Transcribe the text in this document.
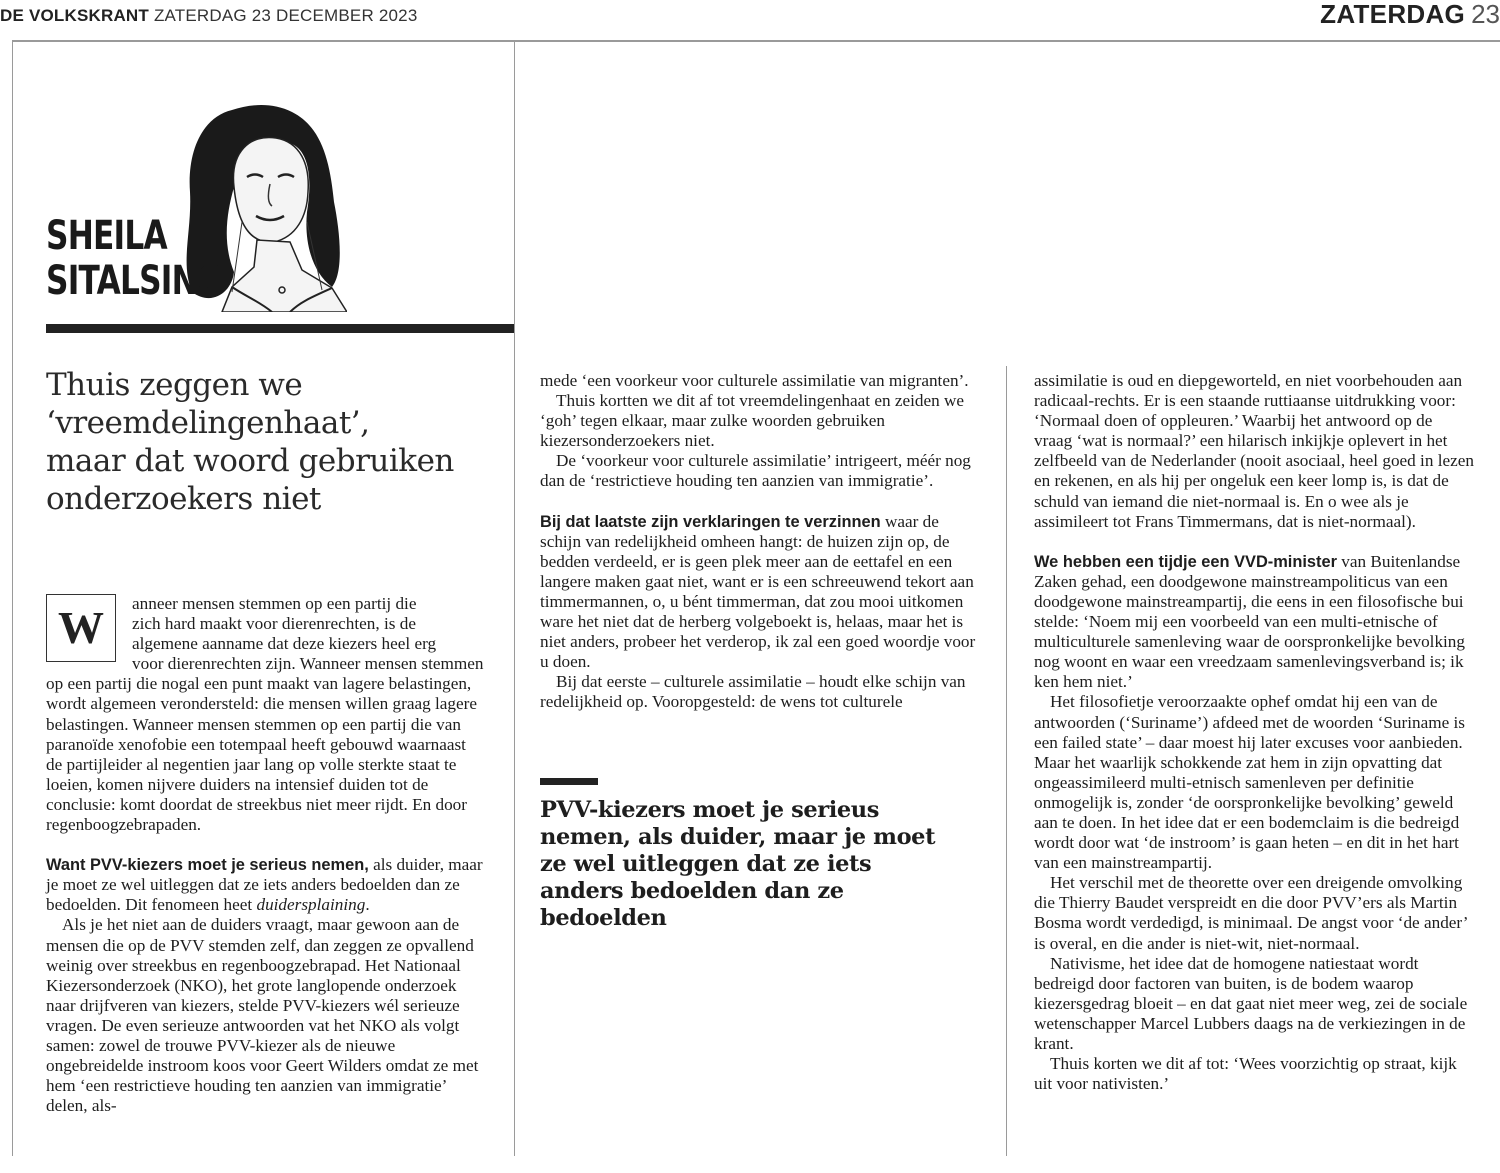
DE VOLKSKRANT ZATERDAG 23 DECEMBER 2023	ZATERDAG 23
SHEILA
SITALSING
Thuis zeggen we
‘vreemdelingenhaat’,
maar dat woord gebruiken
onderzoekers niet
W	anneer mensen stemmen op een partij die
zich hard maakt voor dierenrechten, is de
algemene aanname dat deze kiezers heel erg

voor dierenrechten zijn. Wanneer mensen stemmen op een partij die nogal een punt maakt van lagere belastingen, wordt algemeen verondersteld: die mensen willen graag lagere belastingen. Wanneer mensen stemmen op een partij die van paranoïde xenofobie een totempaal heeft gebouwd waarnaast de partijleider al negentien jaar lang op volle sterkte staat te loeien, komen nijvere duiders na intensief duiden tot de conclusie: komt doordat de streekbus niet meer rijdt. En door regenboogzebrapaden.

Want PVV-kiezers moet je serieus nemen, als duider, maar je moet ze wel uitleggen dat ze iets anders bedoelden dan ze bedoelden. Dit fenomeen heet duidersplaining.

Als je het niet aan de duiders vraagt, maar gewoon aan de mensen die op de PVV stemden zelf, dan zeggen ze opvallend weinig over streekbus en regenboogzebrapad. Het Nationaal Kiezersonderzoek (NKO), het grote langlopende onderzoek naar drijfveren van kiezers, stelde PVV-kiezers wél serieuze vragen. De even serieuze antwoorden vat het NKO als volgt samen: zowel de trouwe PVV-kiezer als de nieuwe ongebreidelde instroom koos voor Geert Wilders omdat ze met hem ‘een restrictieve houding ten aanzien van immigratie’ delen, als-

mede ‘een voorkeur voor culturele assimilatie van migranten’.

Thuis kortten we dit af tot vreemdelingenhaat en zeiden we ‘goh’ tegen elkaar, maar zulke woorden gebruiken kiezersonderzoekers niet.

De ‘voorkeur voor culturele assimilatie’ intrigeert, méér nog dan de ‘restrictieve houding ten aanzien van immigratie’.

Bij dat laatste zijn verklaringen te verzinnen waar de schijn van redelijkheid omheen hangt: de huizen zijn op, de bedden verdeeld, er is geen plek meer aan de eettafel en een langere maken gaat niet, want er is een schreeuwend tekort aan timmermannen, o, u bént timmerman, dat zou mooi uitkomen ware het niet dat de herberg volgeboekt is, helaas, maar het is niet anders, probeer het verderop, ik zal een goed woordje voor u doen.

Bij dat eerste – culturele assimilatie – houdt elke schijn van redelijkheid op. Vooropgesteld: de wens tot culturele

PVV-kiezers moet je serieus nemen, als duider, maar je moet ze wel uitleggen dat ze iets anders bedoelden dan ze bedoelden

assimilatie is oud en diepgeworteld, en niet voorbehouden aan radicaal-rechts. Er is een staande ruttiaanse uitdrukking voor: ‘Normaal doen of oppleuren.’ Waarbij het antwoord op de vraag ‘wat is normaal?’ een hilarisch inkijkje oplevert in het zelfbeeld van de Nederlander (nooit asociaal, heel goed in lezen en rekenen, en als hij per ongeluk een keer lomp is, is dat de schuld van iemand die niet-normaal is. En o wee als je assimileert tot Frans Timmermans, dat is niet-normaal).

We hebben een tijdje een VVD-minister van Buitenlandse Zaken gehad, een doodgewone mainstreampoliticus van een doodgewone mainstreampartij, die eens in een filosofische bui stelde: ‘Noem mij een voorbeeld van een multi-etnische of multiculturele samenleving waar de oorspronkelijke bevolking nog woont en waar een vreedzaam samenlevingsverband is; ik ken hem niet.’

Het filosofietje veroorzaakte ophef omdat hij een van de antwoorden (‘Suriname’) afdeed met de woorden ‘Suriname is een failed state’ – daar moest hij later excuses voor aanbieden. Maar het waarlijk schokkende zat hem in zijn opvatting dat ongeassimileerd multi-etnisch samenleven per definitie onmogelijk is, zonder ‘de oorspronkelijke bevolking’ geweld aan te doen. In het idee dat er een bodemclaim is die bedreigd wordt door wat ‘de instroom’ is gaan heten – en dit in het hart van een mainstreampartij.

Het verschil met de theorette over een dreigende omvolking die Thierry Baudet verspreidt en die door PVV’ers als Martin Bosma wordt verdedigd, is minimaal. De angst voor ‘de ander’ is overal, en die ander is niet-wit, niet-normaal.

Nativisme, het idee dat de homogene natiestaat wordt bedreigd door factoren van buiten, is de bodem waarop kiezersgedrag bloeit – en dat gaat niet meer weg, zei de sociale wetenschapper Marcel Lubbers daags na de verkiezingen in de krant.

Thuis korten we dit af tot: ‘Wees voorzichtig op straat, kijk uit voor nativisten.’
